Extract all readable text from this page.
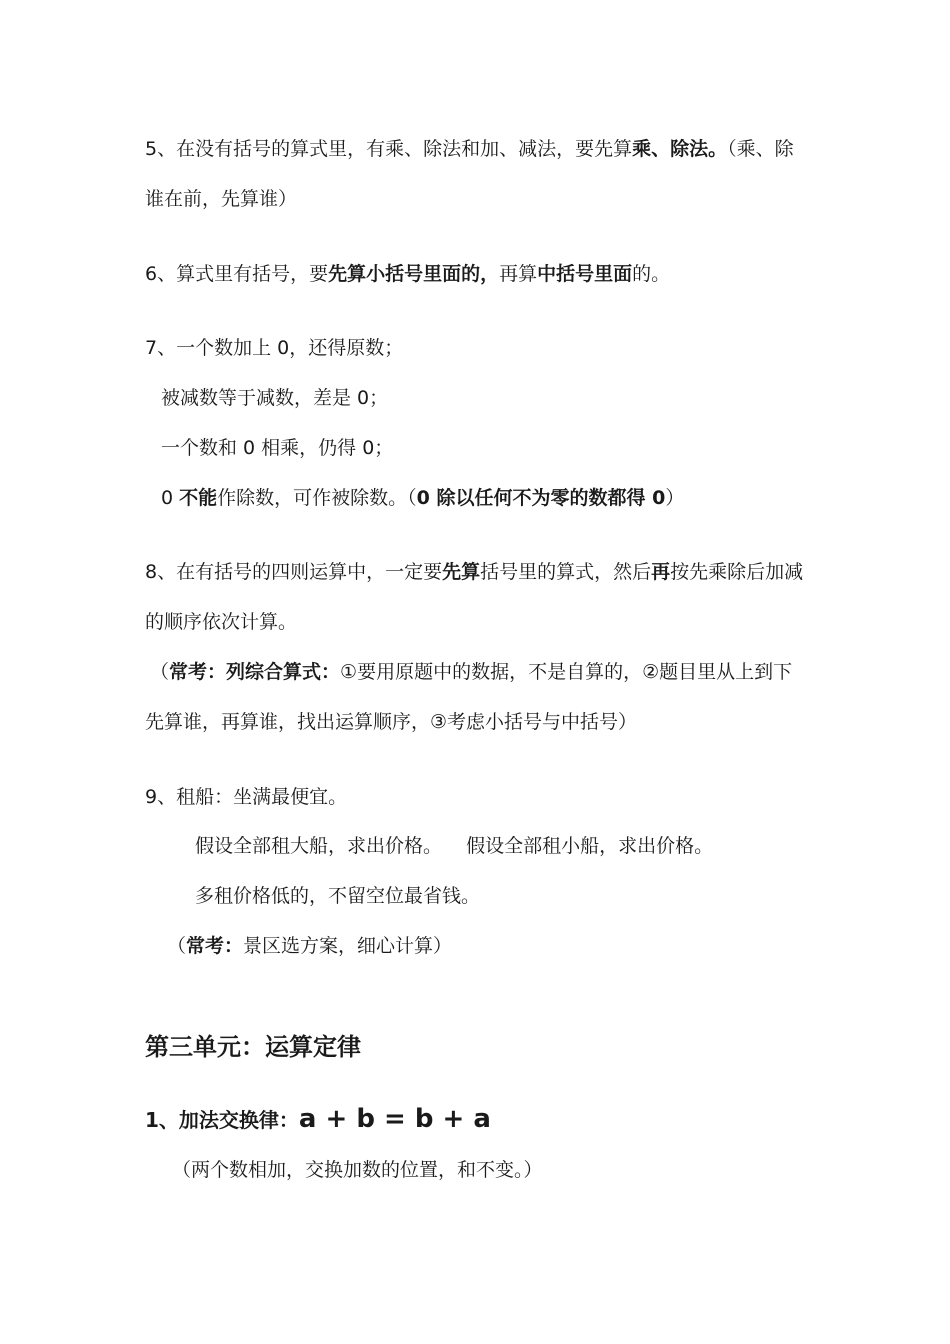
5、在没有括号的算式里，有乘、除法和加、减法，要先算乘、除法。（乘、除
谁在前，先算谁）
6、算式里有括号，要先算小括号里面的，再算中括号里面的。
7、一个数加上 0，还得原数；
被减数等于减数，差是 0；
一个数和 0 相乘，仍得 0；
0 不能作除数，可作被除数。（0 除以任何不为零的数都得 0）
8、在有括号的四则运算中，一定要先算括号里的算式，然后再按先乘除后加减
的顺序依次计算。
（常考：列综合算式：①要用原题中的数据，不是自算的，②题目里从上到下
先算谁，再算谁，找出运算顺序，③考虑小括号与中括号）
9、租船：坐满最便宜。
假设全部租大船，求出价格。    假设全部租小船，求出价格。
多租价格低的，不留空位最省钱。
（常考：景区选方案，细心计算）
第三单元：运算定律
1、加法交换律：a + b = b + a
（两个数相加，交换加数的位置，和不变。）
